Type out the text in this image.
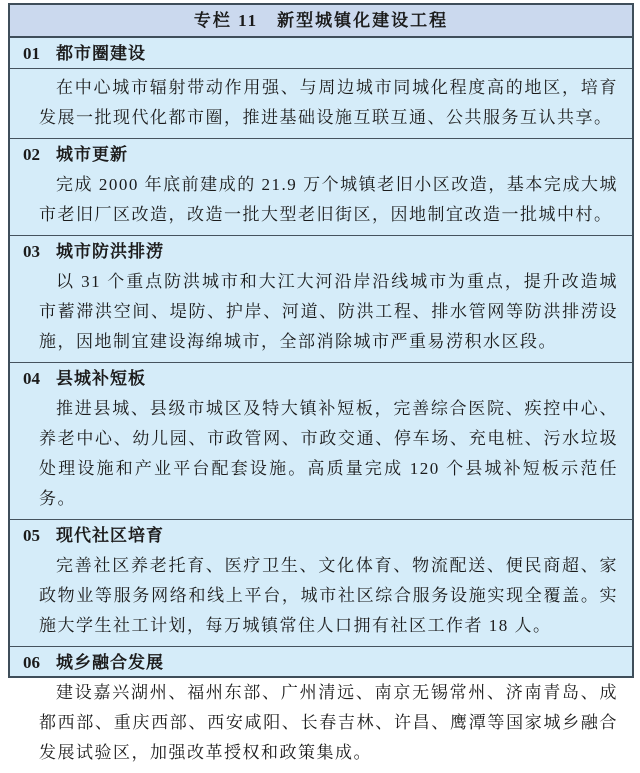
专栏 11　新型城镇化建设工程
01 都市圈建设

在中心城市辐射带动作用强、与周边城市同城化程度高的地区，培育发展一批现代化都市圈，推进基础设施互联互通、公共服务互认共享。

02 城市更新

完成 2000 年底前建成的 21.9 万个城镇老旧小区改造，基本完成大城市老旧厂区改造，改造一批大型老旧街区，因地制宜改造一批城中村。

03 城市防洪排涝

以 31 个重点防洪城市和大江大河沿岸沿线城市为重点，提升改造城市蓄滞洪空间、堤防、护岸、河道、防洪工程、排水管网等防洪排涝设施，因地制宜建设海绵城市，全部消除城市严重易涝积水区段。

04 县城补短板

推进县城、县级市城区及特大镇补短板，完善综合医院、疾控中心、养老中心、幼儿园、市政管网、市政交通、停车场、充电桩、污水垃圾处理设施和产业平台配套设施。高质量完成 120 个县城补短板示范任务。

05 现代社区培育

完善社区养老托育、医疗卫生、文化体育、物流配送、便民商超、家政物业等服务网络和线上平台，城市社区综合服务设施实现全覆盖。实施大学生社工计划，每万城镇常住人口拥有社区工作者 18 人。

06 城乡融合发展

建设嘉兴湖州、福州东部、广州清远、南京无锡常州、济南青岛、成都西部、重庆西部、西安咸阳、长春吉林、许昌、鹰潭等国家城乡融合发展试验区，加强改革授权和政策集成。
